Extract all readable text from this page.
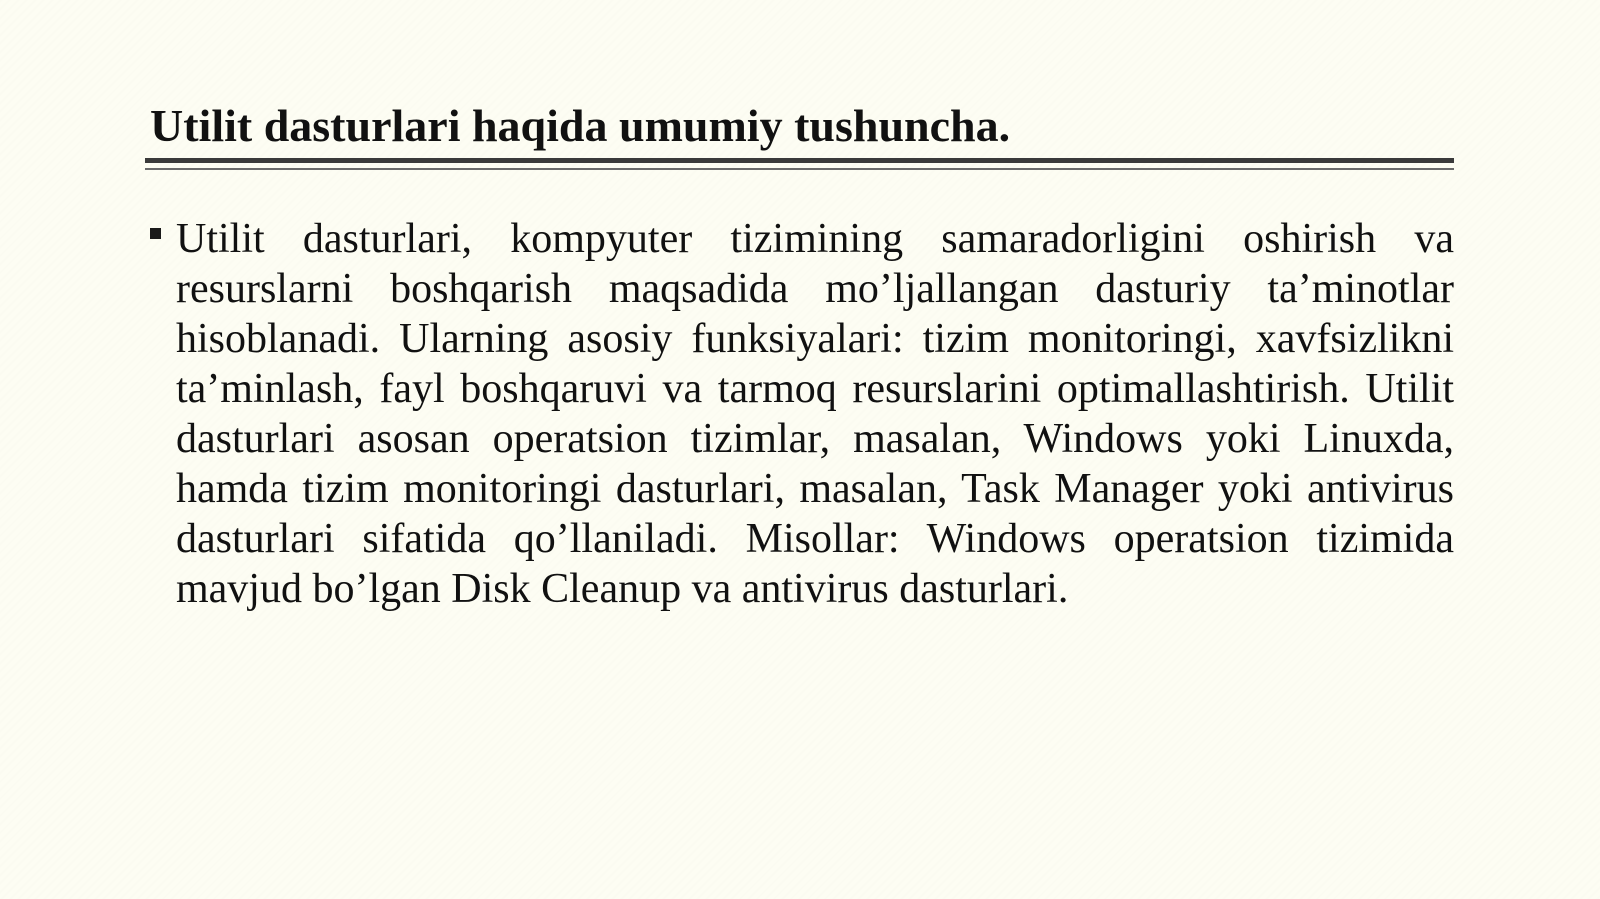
Utilit dasturlari haqida umumiy tushuncha.
Utilit dasturlari, kompyuter tizimining samaradorligini oshirish va resurslarni boshqarish maqsadida mo’ljallangan dasturiy ta’minotlar hisoblanadi. Ularning asosiy funksiyalari: tizim monitoringi, xavfsizlikni ta’minlash, fayl boshqaruvi va tarmoq resurslarini optimallashtirish. Utilit dasturlari asosan operatsion tizimlar, masalan, Windows yoki Linuxda, hamda tizim monitoringi dasturlari, masalan, Task Manager yoki antivirus dasturlari sifatida qo’llaniladi. Misollar: Windows operatsion tizimida mavjud bo’lgan Disk Cleanup va antivirus dasturlari.
